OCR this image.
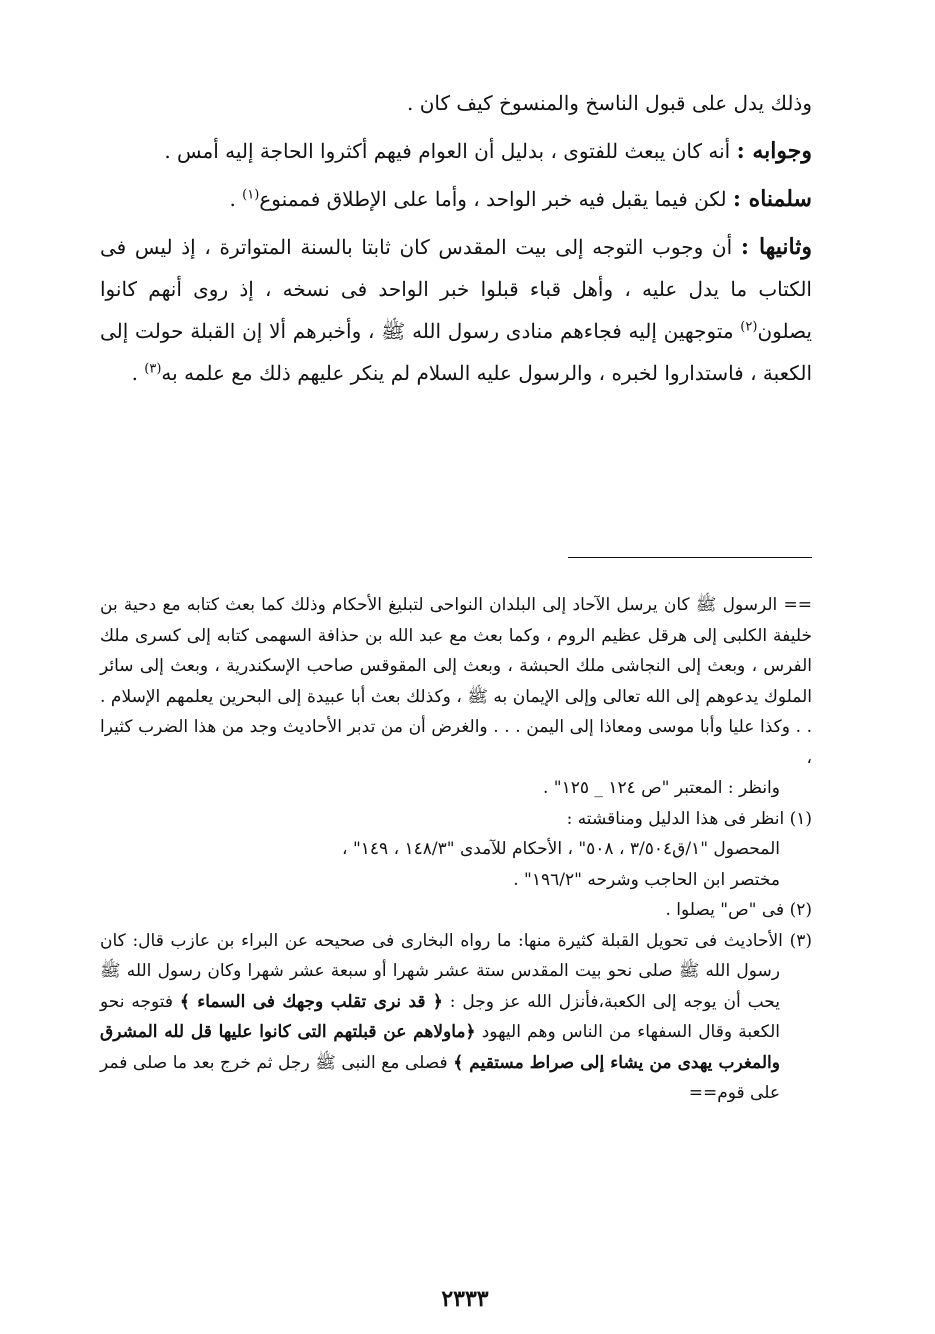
وذلك يدل على قبول الناسخ والمنسوخ كيف كان .

وجوابه : أنه كان يبعث للفتوى ، بدليل أن العوام فيهم أكثروا الحاجة إليه أمس .

سلمناه : لكن فيما يقبل فيه خبر الواحد ، وأما على الإطلاق فممنوع$^{(١)}$ .

وثانيها : أن وجوب التوجه إلى بيت المقدس كان ثابتا بالسنة المتواترة ، إذ ليس فى الكتاب ما يدل عليه ، وأهل قباء قبلوا خبر الواحد فى نسخه ، إذ روى أنهم كانوا يصلون$^{(٢)}$ متوجهين إليه فجاءهم منادى رسول الله ﷺ ، وأخبرهم ألا إن القبلة حولت إلى الكعبة ، فاستداروا لخبره ، والرسول عليه السلام لم ينكر عليهم ذلك مع علمه به$^{(٣)}$ .

== الرسول ﷺ كان يرسل الآحاد إلى البلدان النواحى لتبليغ الأحكام وذلك كما بعث كتابه مع دحية بن خليفة الكلبى إلى هرقل عظيم الروم ، وكما بعث مع عبد الله بن حذافة السهمى كتابه إلى كسرى ملك الفرس ، وبعث إلى النجاشى ملك الحبشة ، وبعث إلى المقوقس صاحب الإسكندرية ، وبعث إلى سائر الملوك يدعوهم إلى الله تعالى وإلى الإيمان به ﷺ ، وكذلك بعث أبا عبيدة إلى البحرين يعلمهم الإسلام . . . وكذا عليا وأبا موسى ومعاذا إلى اليمن . . . والغرض أن من تدبر الأحاديث وجد من هذا الضرب كثيرا ،

وانظر : المعتبر "ص ١٢٤ _ ١٢٥" .

(١) انظر فى هذا الدليل ومناقشته :

المحصول "١/ق٣/٥٠٤ ، ٥٠٨" ، الأحكام للآمدى "١٤٨/٣ ، ١٤٩" ،

مختصر ابن الحاجب وشرحه "١٩٦/٢" .

(٢) فى "ص" يصلوا .

(٣) الأحاديث فى تحويل القبلة كثيرة منها: ما رواه البخارى فى صحيحه عن البراء بن عازب قال: كان رسول الله ﷺ صلى نحو بيت المقدس ستة عشر شهرا أو سبعة عشر شهرا وكان رسول الله ﷺ يحب أن يوجه إلى الكعبة،فأنزل الله عز وجل : ﴿ قد نرى تقلب وجهك فى السماء ﴾ فتوجه نحو الكعبة وقال السفهاء من الناس وهم اليهود ﴿ماولاهم عن قبلتهم التى كانوا عليها قل لله المشرق والمغرب يهدى من يشاء إلى صراط مستقيم ﴾ فصلى مع النبى ﷺ رجل ثم خرج بعد ما صلى فمر على قوم==

٢٣٣٣
